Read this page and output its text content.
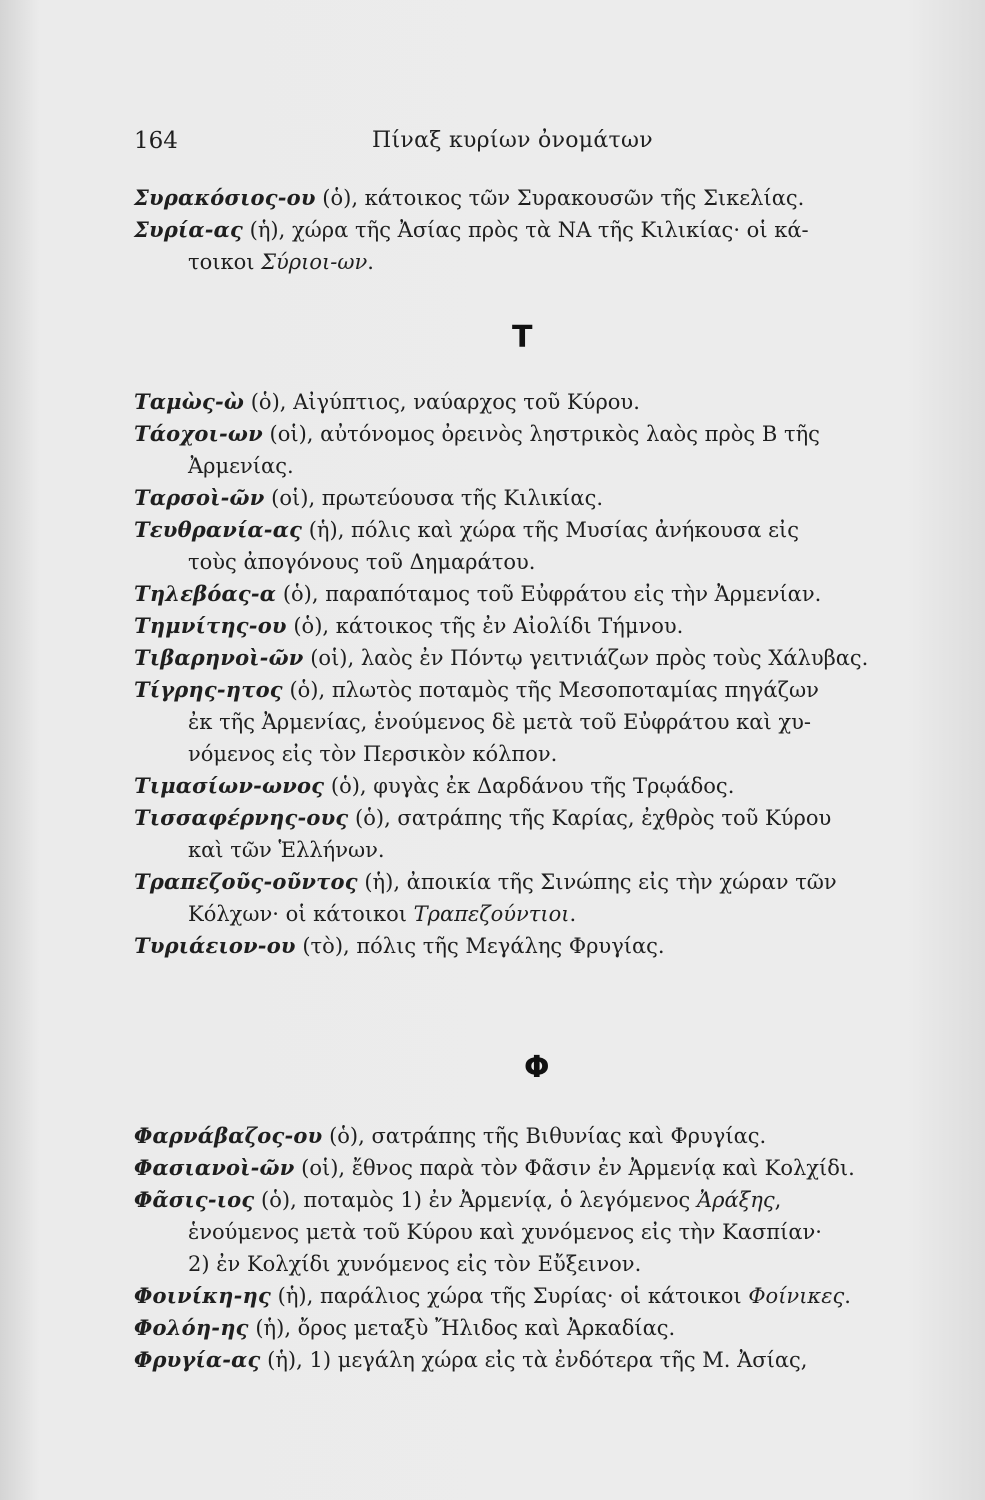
164	Πίναξ κυρίων ὀνομάτων
Συρακόσιος-ου (ὁ), κάτοικος τῶν Συρακουσῶν τῆς Σικελίας.
Συρία-ας (ἡ), χώρα τῆς Ἀσίας πρὸς τὰ ΝΑ τῆς Κιλικίας· οἱ κά-
τοικοι Σύριοι-ων.
T
Ταμὼς-ὼ (ὁ), Αἰγύπτιος, ναύαρχος τοῦ Κύρου.
Τάοχοι-ων (οἱ), αὐτόνομος ὀρεινὸς ληστρικὸς λαὸς πρὸς Β τῆς
Ἀρμενίας.
Ταρσοὶ-ῶν (οἱ), πρωτεύουσα τῆς Κιλικίας.
Τευθρανία-ας (ἡ), πόλις καὶ χώρα τῆς Μυσίας ἀνήκουσα εἰς
τοὺς ἀπογόνους τοῦ Δημαράτου.
Τηλεβόας-α (ὁ), παραπόταμος τοῦ Εὐφράτου εἰς τὴν Ἀρμενίαν.
Τημνίτης-ου (ὁ), κάτοικος τῆς ἐν Αἰολίδι Τήμνου.
Τιβαρηνοὶ-ῶν (οἱ), λαὸς ἐν Πόντῳ γειτνιάζων πρὸς τοὺς Χάλυβας.
Τίγρης-ητος (ὁ), πλωτὸς ποταμὸς τῆς Μεσοποταμίας πηγάζων
ἐκ τῆς Ἀρμενίας, ἑνούμενος δὲ μετὰ τοῦ Εὐφράτου καὶ χυ-
νόμενος εἰς τὸν Περσικὸν κόλπον.
Τιμασίων-ωνος (ὁ), φυγὰς ἐκ Δαρδάνου τῆς Τρῳάδος.
Τισσαφέρνης-ους (ὁ), σατράπης τῆς Καρίας, ἐχθρὸς τοῦ Κύρου
καὶ τῶν Ἑλλήνων.
Τραπεζοῦς-οῦντος (ἡ), ἀποικία τῆς Σινώπης εἰς τὴν χώραν τῶν
Κόλχων· οἱ κάτοικοι Τραπεζούντιοι.
Τυριάειον-ου (τὸ), πόλις τῆς Μεγάλης Φρυγίας.
Φ
Φαρνάβαζος-ου (ὁ), σατράπης τῆς Βιθυνίας καὶ Φρυγίας.
Φασιανοὶ-ῶν (οἱ), ἔθνος παρὰ τὸν Φᾶσιν ἐν Ἀρμενίᾳ καὶ Κολχίδι.
Φᾶσις-ιος (ὁ), ποταμὸς 1) ἐν Ἀρμενίᾳ, ὁ λεγόμενος Ἀράξης,
ἑνούμενος μετὰ τοῦ Κύρου καὶ χυνόμενος εἰς τὴν Κασπίαν·
2) ἐν Κολχίδι χυνόμενος εἰς τὸν Εὔξεινον.
Φοινίκη-ης (ἡ), παράλιος χώρα τῆς Συρίας· οἱ κάτοικοι Φοίνικες.
Φολόη-ης (ἡ), ὄρος μεταξὺ Ἤλιδος καὶ Ἀρκαδίας.
Φρυγία-ας (ἡ), 1) μεγάλη χώρα εἰς τὰ ἐνδότερα τῆς Μ. Ἀσίας,
